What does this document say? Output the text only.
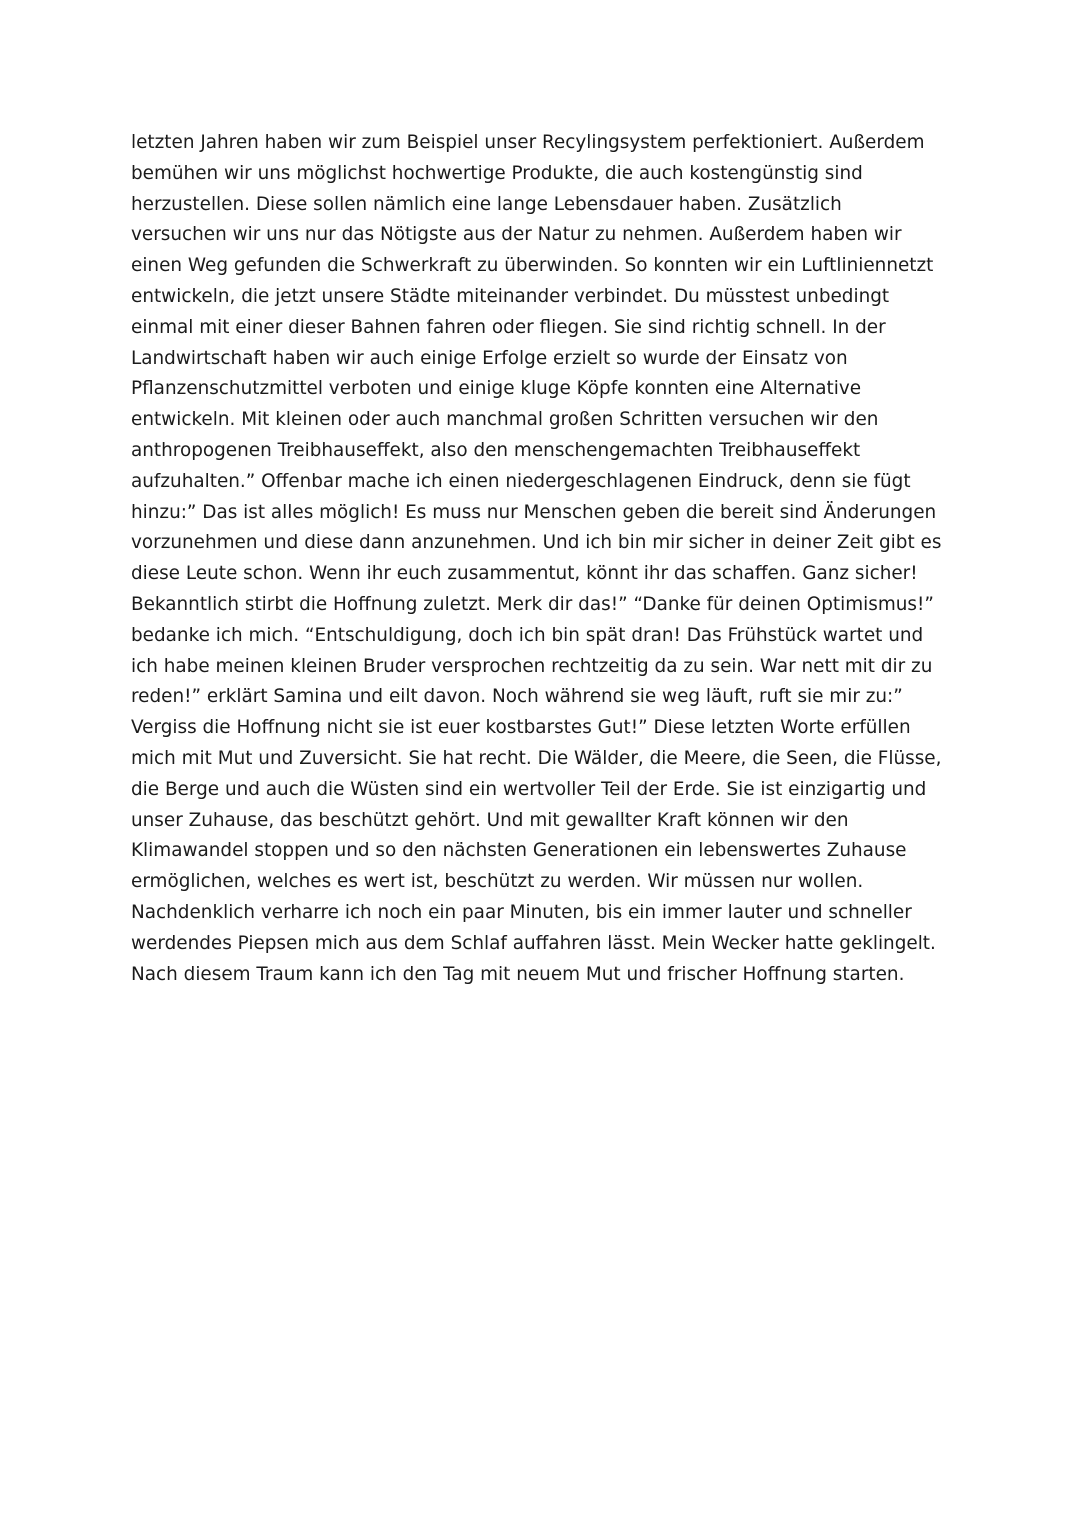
letzten Jahren haben wir zum Beispiel unser Recylingsystem perfektioniert. Außerdem
bemühen wir uns möglichst hochwertige Produkte, die auch kostengünstig sind
herzustellen. Diese sollen nämlich eine lange Lebensdauer haben. Zusätzlich
versuchen wir uns nur das Nötigste aus der Natur zu nehmen. Außerdem haben wir
einen Weg gefunden die Schwerkraft zu überwinden. So konnten wir ein Luftliniennetzt
entwickeln, die jetzt unsere Städte miteinander verbindet. Du müsstest unbedingt
einmal mit einer dieser Bahnen fahren oder fliegen. Sie sind richtig schnell. In der
Landwirtschaft haben wir auch einige Erfolge erzielt so wurde der Einsatz von
Pflanzenschutzmittel verboten und einige kluge Köpfe konnten eine Alternative
entwickeln. Mit kleinen oder auch manchmal großen Schritten versuchen wir den
anthropogenen Treibhauseffekt, also den menschengemachten Treibhauseffekt
aufzuhalten.” Offenbar mache ich einen niedergeschlagenen Eindruck, denn sie fügt
hinzu:” Das ist alles möglich! Es muss nur Menschen geben die bereit sind Änderungen
vorzunehmen und diese dann anzunehmen. Und ich bin mir sicher in deiner Zeit gibt es
diese Leute schon. Wenn ihr euch zusammentut, könnt ihr das schaffen. Ganz sicher!
Bekanntlich stirbt die Hoffnung zuletzt. Merk dir das!” “Danke für deinen Optimismus!”
bedanke ich mich. “Entschuldigung, doch ich bin spät dran! Das Frühstück wartet und
ich habe meinen kleinen Bruder versprochen rechtzeitig da zu sein. War nett mit dir zu
reden!” erklärt Samina und eilt davon. Noch während sie weg läuft, ruft sie mir zu:”
Vergiss die Hoffnung nicht sie ist euer kostbarstes Gut!” Diese letzten Worte erfüllen
mich mit Mut und Zuversicht. Sie hat recht. Die Wälder, die Meere, die Seen, die Flüsse,
die Berge und auch die Wüsten sind ein wertvoller Teil der Erde. Sie ist einzigartig und
unser Zuhause, das beschützt gehört. Und mit gewallter Kraft können wir den
Klimawandel stoppen und so den nächsten Generationen ein lebenswertes Zuhause
ermöglichen, welches es wert ist, beschützt zu werden. Wir müssen nur wollen.
Nachdenklich verharre ich noch ein paar Minuten, bis ein immer lauter und schneller
werdendes Piepsen mich aus dem Schlaf auffahren lässt. Mein Wecker hatte geklingelt.
Nach diesem Traum kann ich den Tag mit neuem Mut und frischer Hoffnung starten.
